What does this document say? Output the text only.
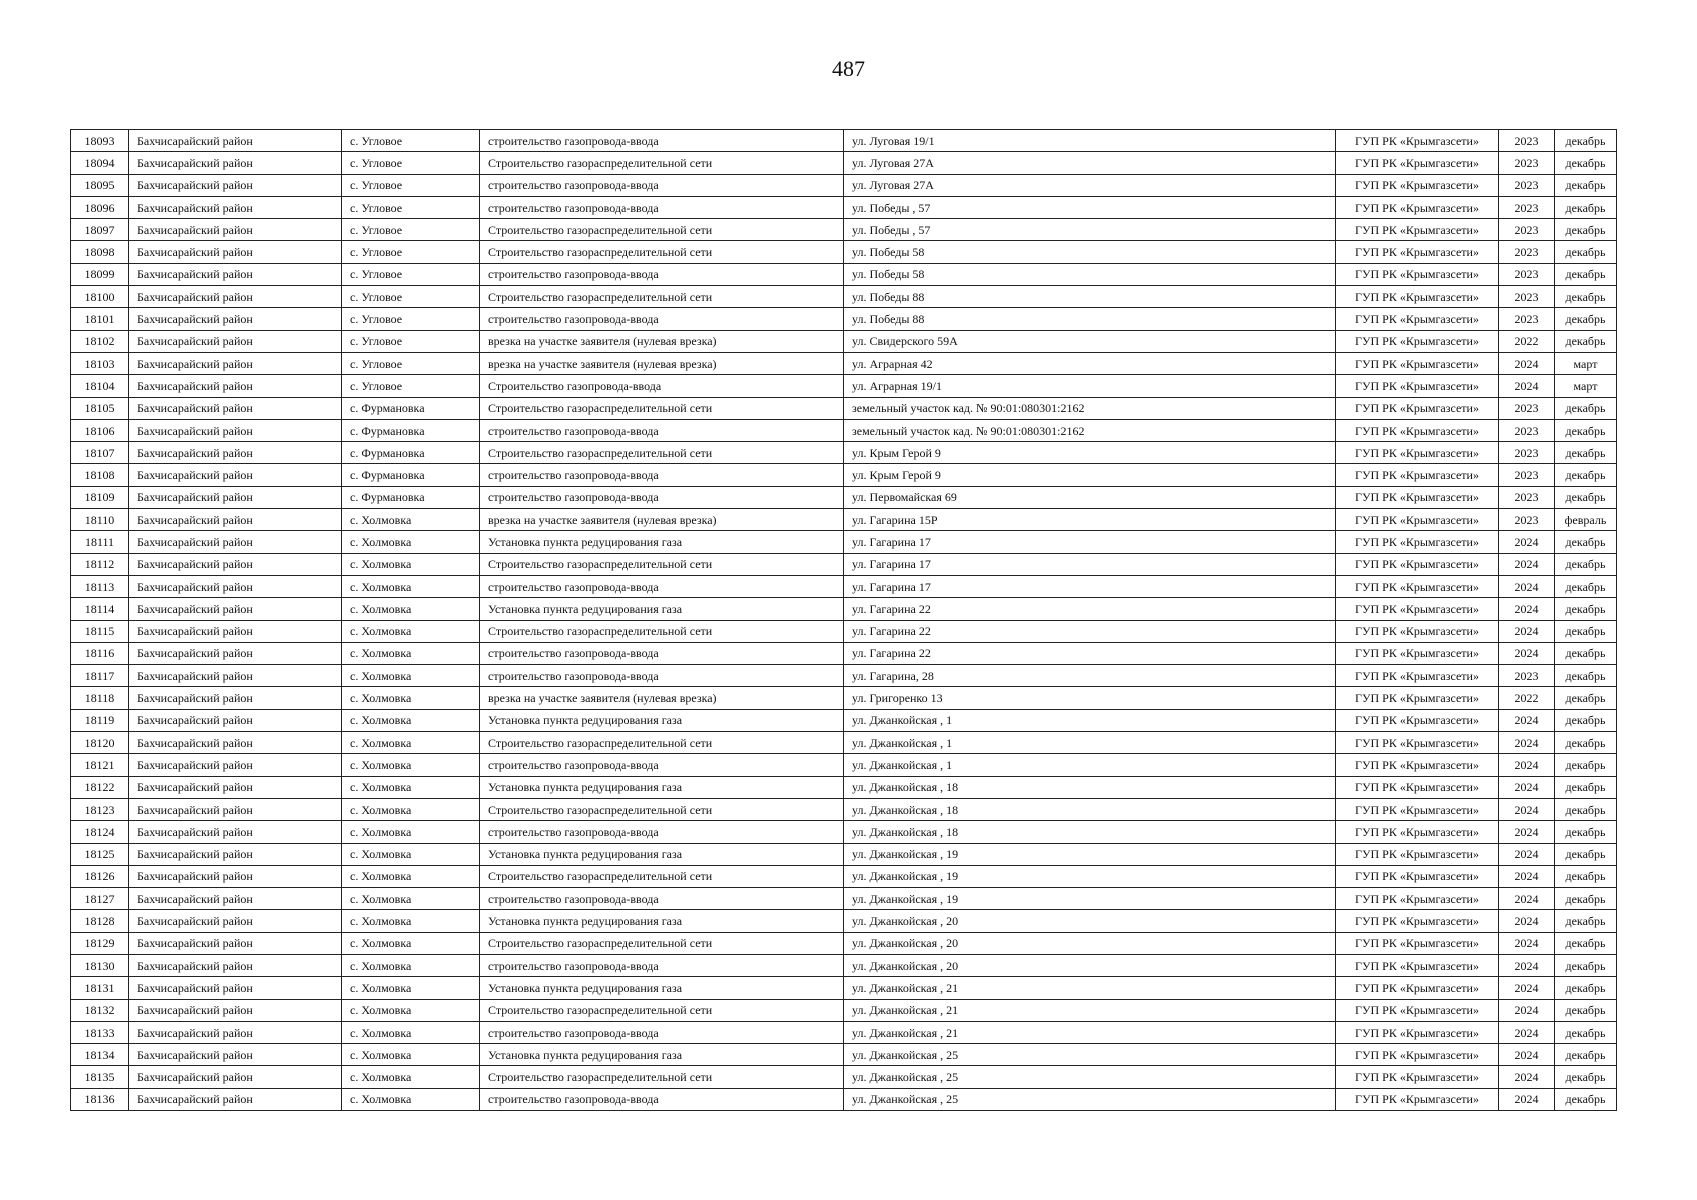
487
18093	Бахчисарайский район	с. Угловое	строительство газопровода-ввода	ул. Луговая 19/1	ГУП РК «Крымгазсети»	2023	декабрь
18094	Бахчисарайский район	с. Угловое	Строительство газораспределительной сети	ул. Луговая 27А	ГУП РК «Крымгазсети»	2023	декабрь
18095	Бахчисарайский район	с. Угловое	строительство газопровода-ввода	ул. Луговая 27А	ГУП РК «Крымгазсети»	2023	декабрь
18096	Бахчисарайский район	с. Угловое	строительство газопровода-ввода	ул. Победы , 57	ГУП РК «Крымгазсети»	2023	декабрь
18097	Бахчисарайский район	с. Угловое	Строительство газораспределительной сети	ул. Победы , 57	ГУП РК «Крымгазсети»	2023	декабрь
18098	Бахчисарайский район	с. Угловое	Строительство газораспределительной сети	ул. Победы 58	ГУП РК «Крымгазсети»	2023	декабрь
18099	Бахчисарайский район	с. Угловое	строительство газопровода-ввода	ул. Победы 58	ГУП РК «Крымгазсети»	2023	декабрь
18100	Бахчисарайский район	с. Угловое	Строительство газораспределительной сети	ул. Победы 88	ГУП РК «Крымгазсети»	2023	декабрь
18101	Бахчисарайский район	с. Угловое	строительство газопровода-ввода	ул. Победы 88	ГУП РК «Крымгазсети»	2023	декабрь
18102	Бахчисарайский район	с. Угловое	врезка на участке заявителя (нулевая врезка)	ул. Свидерского 59А	ГУП РК «Крымгазсети»	2022	декабрь
18103	Бахчисарайский район	с. Угловое	врезка на участке заявителя (нулевая врезка)	ул. Аграрная 42	ГУП РК «Крымгазсети»	2024	март
18104	Бахчисарайский район	с. Угловое	Строительство газопровода-ввода	ул. Аграрная 19/1	ГУП РК «Крымгазсети»	2024	март
18105	Бахчисарайский район	с. Фурмановка	Строительство газораспределительной сети	земельный участок кад. № 90:01:080301:2162	ГУП РК «Крымгазсети»	2023	декабрь
18106	Бахчисарайский район	с. Фурмановка	строительство газопровода-ввода	земельный участок кад. № 90:01:080301:2162	ГУП РК «Крымгазсети»	2023	декабрь
18107	Бахчисарайский район	с. Фурмановка	Строительство газораспределительной сети	ул. Крым Герой 9	ГУП РК «Крымгазсети»	2023	декабрь
18108	Бахчисарайский район	с. Фурмановка	строительство газопровода-ввода	ул. Крым Герой 9	ГУП РК «Крымгазсети»	2023	декабрь
18109	Бахчисарайский район	с. Фурмановка	строительство газопровода-ввода	ул. Первомайская 69	ГУП РК «Крымгазсети»	2023	декабрь
18110	Бахчисарайский район	с. Холмовка	врезка на участке заявителя (нулевая врезка)	ул. Гагарина 15Р	ГУП РК «Крымгазсети»	2023	февраль
18111	Бахчисарайский район	с. Холмовка	Установка пункта редуцирования газа	ул. Гагарина 17	ГУП РК «Крымгазсети»	2024	декабрь
18112	Бахчисарайский район	с. Холмовка	Строительство газораспределительной сети	ул. Гагарина 17	ГУП РК «Крымгазсети»	2024	декабрь
18113	Бахчисарайский район	с. Холмовка	строительство газопровода-ввода	ул. Гагарина 17	ГУП РК «Крымгазсети»	2024	декабрь
18114	Бахчисарайский район	с. Холмовка	Установка пункта редуцирования газа	ул. Гагарина 22	ГУП РК «Крымгазсети»	2024	декабрь
18115	Бахчисарайский район	с. Холмовка	Строительство газораспределительной сети	ул. Гагарина 22	ГУП РК «Крымгазсети»	2024	декабрь
18116	Бахчисарайский район	с. Холмовка	строительство газопровода-ввода	ул. Гагарина 22	ГУП РК «Крымгазсети»	2024	декабрь
18117	Бахчисарайский район	с. Холмовка	строительство газопровода-ввода	ул. Гагарина, 28	ГУП РК «Крымгазсети»	2023	декабрь
18118	Бахчисарайский район	с. Холмовка	врезка на участке заявителя (нулевая врезка)	ул. Григоренко 13	ГУП РК «Крымгазсети»	2022	декабрь
18119	Бахчисарайский район	с. Холмовка	Установка пункта редуцирования газа	ул. Джанкойская , 1	ГУП РК «Крымгазсети»	2024	декабрь
18120	Бахчисарайский район	с. Холмовка	Строительство газораспределительной сети	ул. Джанкойская , 1	ГУП РК «Крымгазсети»	2024	декабрь
18121	Бахчисарайский район	с. Холмовка	строительство газопровода-ввода	ул. Джанкойская , 1	ГУП РК «Крымгазсети»	2024	декабрь
18122	Бахчисарайский район	с. Холмовка	Установка пункта редуцирования газа	ул. Джанкойская , 18	ГУП РК «Крымгазсети»	2024	декабрь
18123	Бахчисарайский район	с. Холмовка	Строительство газораспределительной сети	ул. Джанкойская , 18	ГУП РК «Крымгазсети»	2024	декабрь
18124	Бахчисарайский район	с. Холмовка	строительство газопровода-ввода	ул. Джанкойская , 18	ГУП РК «Крымгазсети»	2024	декабрь
18125	Бахчисарайский район	с. Холмовка	Установка пункта редуцирования газа	ул. Джанкойская , 19	ГУП РК «Крымгазсети»	2024	декабрь
18126	Бахчисарайский район	с. Холмовка	Строительство газораспределительной сети	ул. Джанкойская , 19	ГУП РК «Крымгазсети»	2024	декабрь
18127	Бахчисарайский район	с. Холмовка	строительство газопровода-ввода	ул. Джанкойская , 19	ГУП РК «Крымгазсети»	2024	декабрь
18128	Бахчисарайский район	с. Холмовка	Установка пункта редуцирования газа	ул. Джанкойская , 20	ГУП РК «Крымгазсети»	2024	декабрь
18129	Бахчисарайский район	с. Холмовка	Строительство газораспределительной сети	ул. Джанкойская , 20	ГУП РК «Крымгазсети»	2024	декабрь
18130	Бахчисарайский район	с. Холмовка	строительство газопровода-ввода	ул. Джанкойская , 20	ГУП РК «Крымгазсети»	2024	декабрь
18131	Бахчисарайский район	с. Холмовка	Установка пункта редуцирования газа	ул. Джанкойская , 21	ГУП РК «Крымгазсети»	2024	декабрь
18132	Бахчисарайский район	с. Холмовка	Строительство газораспределительной сети	ул. Джанкойская , 21	ГУП РК «Крымгазсети»	2024	декабрь
18133	Бахчисарайский район	с. Холмовка	строительство газопровода-ввода	ул. Джанкойская , 21	ГУП РК «Крымгазсети»	2024	декабрь
18134	Бахчисарайский район	с. Холмовка	Установка пункта редуцирования газа	ул. Джанкойская , 25	ГУП РК «Крымгазсети»	2024	декабрь
18135	Бахчисарайский район	с. Холмовка	Строительство газораспределительной сети	ул. Джанкойская , 25	ГУП РК «Крымгазсети»	2024	декабрь
18136	Бахчисарайский район	с. Холмовка	строительство газопровода-ввода	ул. Джанкойская , 25	ГУП РК «Крымгазсети»	2024	декабрь
